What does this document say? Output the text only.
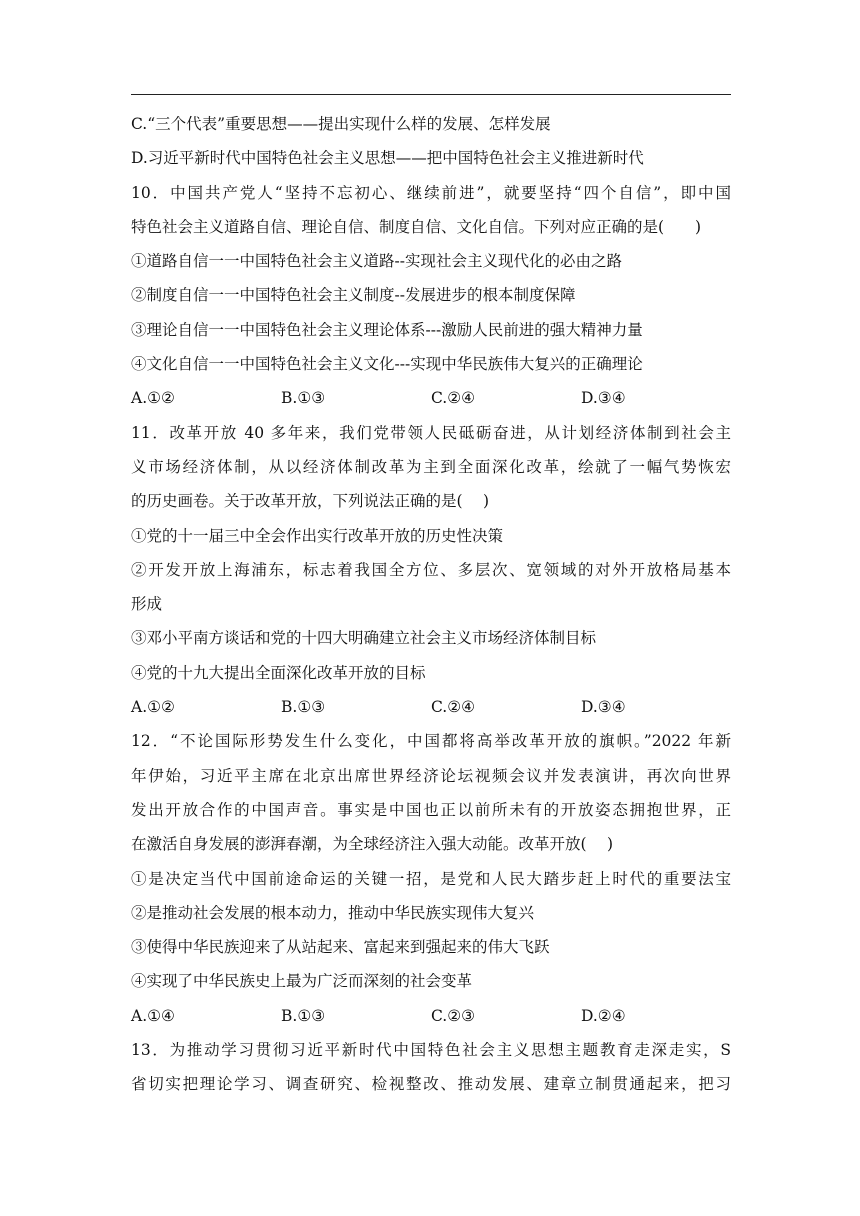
C.“三个代表”重要思想——提出实现什么样的发展、怎样发展
D.习近平新时代中国特色社会主义思想——把中国特色社会主义推进新时代
10．中国共产党人“坚持不忘初心、继续前进”，就要坚持“四个自信”，即中国
特色社会主义道路自信、理论自信、制度自信、文化自信。下列对应正确的是(　　)
①道路自信一一中国特色社会主义道路--实现社会主义现代化的必由之路
②制度自信一一中国特色社会主义制度--发展进步的根本制度保障
③理论自信一一中国特色社会主义理论体系---激励人民前进的强大精神力量
④文化自信一一中国特色社会主义文化---实现中华民族伟大复兴的正确理论
A.①②	B.①③	C.②④	D.③④
11．改革开放 40 多年来，我们党带领人民砥砺奋进，从计划经济体制到社会主
义市场经济体制，从以经济体制改革为主到全面深化改革，绘就了一幅气势恢宏
的历史画卷。关于改革开放，下列说法正确的是(　 )
①党的十一届三中全会作出实行改革开放的历史性决策
②开发开放上海浦东，标志着我国全方位、多层次、宽领域的对外开放格局基本
形成
③邓小平南方谈话和党的十四大明确建立社会主义市场经济体制目标
④党的十九大提出全面深化改革开放的目标
A.①②	B.①③	C.②④	D.③④
12．“不论国际形势发生什么变化，中国都将高举改革开放的旗帜。”2022 年新
年伊始，习近平主席在北京出席世界经济论坛视频会议并发表演讲，再次向世界
发出开放合作的中国声音。事实是中国也正以前所未有的开放姿态拥抱世界，正
在激活自身发展的澎湃春潮，为全球经济注入强大动能。改革开放(　 )
①是决定当代中国前途命运的关键一招，是党和人民大踏步赶上时代的重要法宝
②是推动社会发展的根本动力，推动中华民族实现伟大复兴
③使得中华民族迎来了从站起来、富起来到强起来的伟大飞跃
④实现了中华民族史上最为广泛而深刻的社会变革
A.①④	B.①③	C.②③	D.②④
13．为推动学习贯彻习近平新时代中国特色社会主义思想主题教育走深走实，S
省切实把理论学习、调查研究、检视整改、推动发展、建章立制贯通起来，把习
